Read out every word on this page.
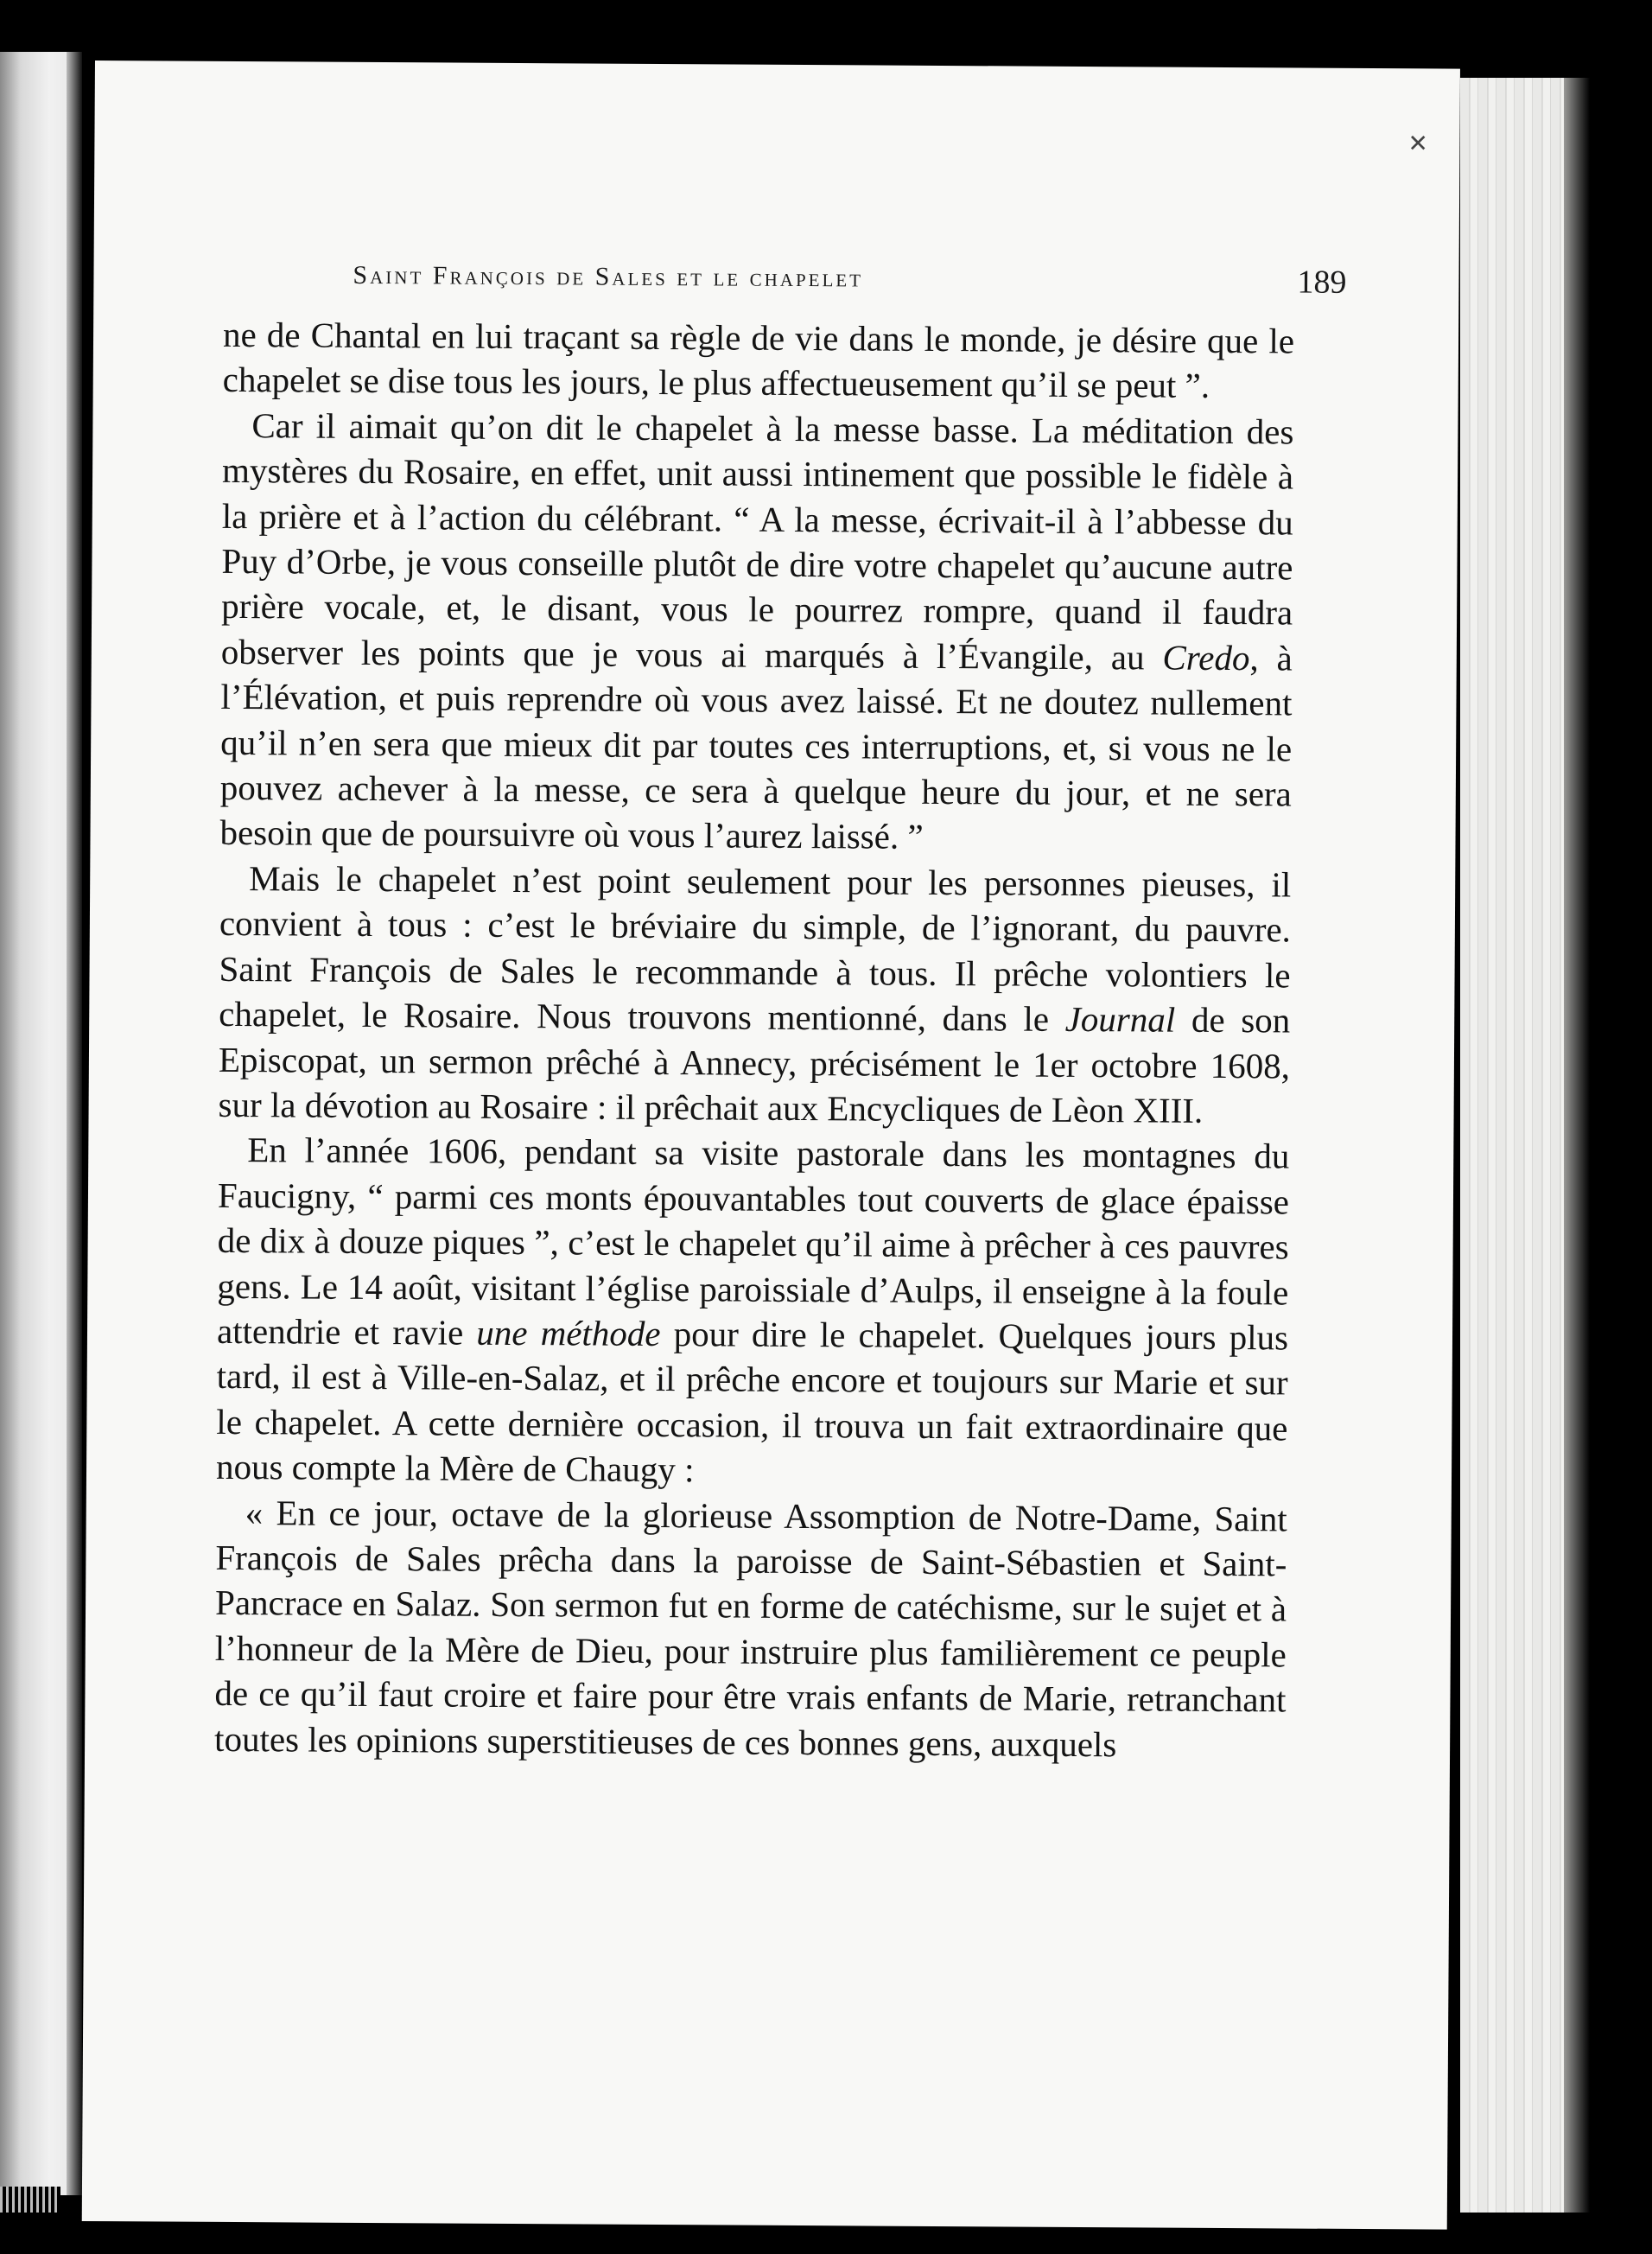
✕
Saint François de Sales et le chapelet	189

ne de Chantal en lui traçant sa règle de vie dans le monde, je désire que le chapelet se dise tous les jours, le plus affectueusement qu’il se peut ”.

Car il aimait qu’on dit le chapelet à la messe basse. La méditation des mystères du Rosaire, en effet, unit aussi intinement que possible le fidèle à la prière et à l’action du célébrant. “ A la messe, écrivait-il à l’abbesse du Puy d’Orbe, je vous conseille plutôt de dire votre chapelet qu’aucune autre prière vocale, et, le disant, vous le pourrez rompre, quand il faudra observer les points que je vous ai marqués à l’Évangile, au Credo, à l’Élévation, et puis reprendre où vous avez laissé. Et ne doutez nullement qu’il n’en sera que mieux dit par toutes ces interruptions, et, si vous ne le pouvez achever à la messe, ce sera à quelque heure du jour, et ne sera besoin que de poursuivre où vous l’aurez laissé. ”

Mais le chapelet n’est point seulement pour les personnes pieuses, il convient à tous : c’est le bréviaire du simple, de l’ignorant, du pauvre. Saint François de Sales le recommande à tous. Il prêche volontiers le chapelet, le Rosaire. Nous trouvons mentionné, dans le Journal de son Episcopat, un sermon prêché à Annecy, précisément le 1er octobre 1608, sur la dévotion au Rosaire : il prêchait aux Encycliques de Lèon XIII.

En l’année 1606, pendant sa visite pastorale dans les montagnes du Faucigny, “ parmi ces monts épouvantables tout couverts de glace épaisse de dix à douze piques ”, c’est le chapelet qu’il aime à prêcher à ces pauvres gens. Le 14 août, visitant l’église paroissiale d’Aulps, il enseigne à la foule attendrie et ravie une méthode pour dire le chapelet. Quelques jours plus tard, il est à Ville-en-Salaz, et il prêche encore et toujours sur Marie et sur le chapelet. A cette dernière occasion, il trouva un fait extraordinaire que nous compte la Mère de Chaugy :

« En ce jour, octave de la glorieuse Assomption de Notre-Dame, Saint François de Sales prêcha dans la paroisse de Saint-Sébastien et Saint-Pancrace en Salaz. Son sermon fut en forme de catéchisme, sur le sujet et à l’honneur de la Mère de Dieu, pour instruire plus familièrement ce peuple de ce qu’il faut croire et faire pour être vrais enfants de Marie, retranchant toutes les opinions superstitieuses de ces bonnes gens, auxquels
